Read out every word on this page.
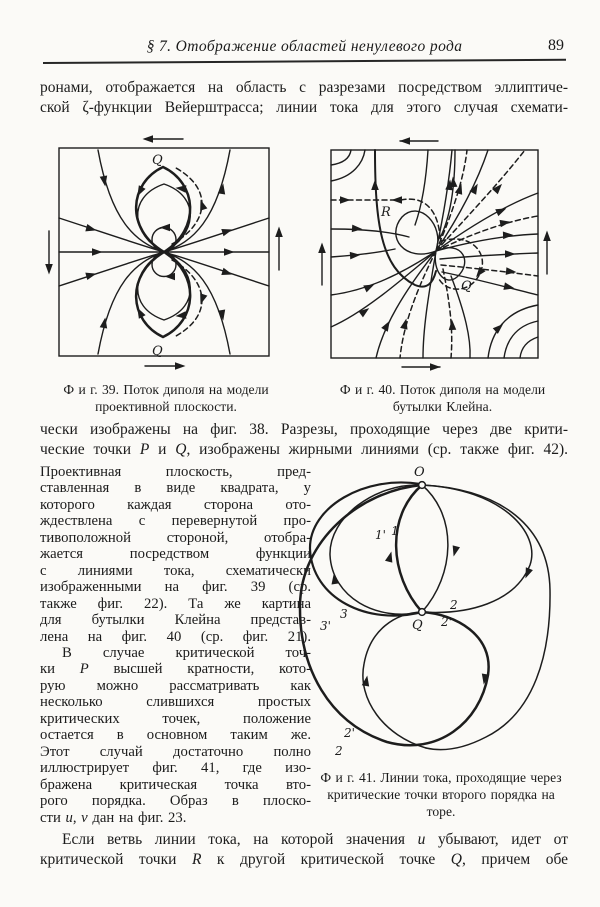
§ 7. Отображение областей ненулевого рода	89
ронами, отображается на область с разрезами посредством эллиптиче-
ской ζ-функции Вейерштрасса; линии тока для этого случая схемати-
Q
Q
R
Q
Ф и г. 39. Поток диполя на модели
проективной плоскости.
Ф и г. 40. Поток диполя на модели
бутылки Клейна.
чески изображены на фиг. 38. Разрезы, проходящие через две крити-
ческие точки P и Q, изображены жирными линиями (ср. также фиг. 42).
Проективная плоскость, пред-
ставленная в виде квадрата, у
которого каждая сторона ото-
ждествлена с перевернутой про-
тивоположной стороной, отобра-
жается посредством функции
с линиями тока, схематически
изображенными на фиг. 39 (ср.
также фиг. 22). Та же картина
для бутылки Клейна представ-
лена на фиг. 40 (ср. фиг. 21).
В случае критической точ-
ки P высшей кратности, кото-
рую можно рассматривать как
несколько слившихся простых
критических точек, положение
остается в основном таким же.
Этот случай достаточно полно
иллюстрирует фиг. 41, где изо-
бражена критическая точка вто-
рого порядка. Образ в плоско-
сти u, v дан на фиг. 23.
O
Q
1' 1
3
3'
2
2'
2'
2
Ф и г. 41. Линии тока, проходящие через
критические точки второго порядка на
торе.
Если ветвь линии тока, на которой значения u убывают, идет от
критической точки R к другой критической точке Q, причем обе
